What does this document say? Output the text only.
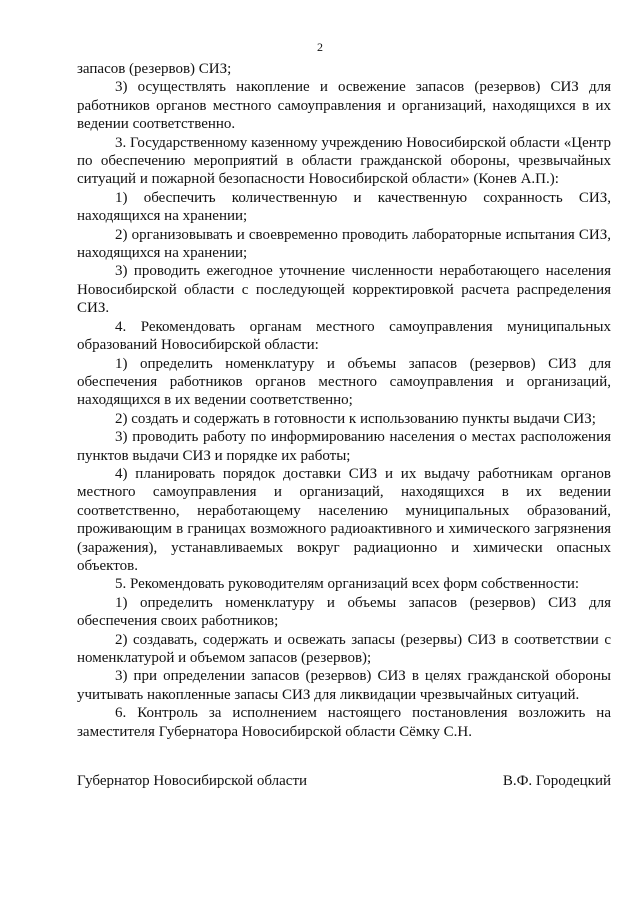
2

запасов (резервов) СИЗ;

3) осуществлять накопление и освежение запасов (резервов) СИЗ для работников органов местного самоуправления и организаций, находящихся в их ведении соответственно.

3. Государственному казенному учреждению Новосибирской области «Центр по обеспечению мероприятий в области гражданской обороны, чрезвычайных ситуаций и пожарной безопасности Новосибирской области» (Конев А.П.):

1) обеспечить количественную и качественную сохранность СИЗ, находящихся на хранении;

2) организовывать и своевременно проводить лабораторные испытания СИЗ, находящихся на хранении;

3) проводить ежегодное уточнение численности неработающего населения Новосибирской области с последующей корректировкой расчета распределения СИЗ.

4. Рекомендовать органам местного самоуправления муниципальных образований Новосибирской области:

1) определить номенклатуру и объемы запасов (резервов) СИЗ для обеспечения работников органов местного самоуправления и организаций, находящихся в их ведении соответственно;

2) создать и содержать в готовности к использованию пункты выдачи СИЗ;

3) проводить работу по информированию населения о местах расположения пунктов выдачи СИЗ и порядке их работы;

4) планировать порядок доставки СИЗ и их выдачу работникам органов местного самоуправления и организаций, находящихся в их ведении соответственно, неработающему населению муниципальных образований, проживающим в границах возможного радиоактивного и химического загрязнения (заражения), устанавливаемых вокруг радиационно и химически опасных объектов.

5. Рекомендовать руководителям организаций всех форм собственности:

1) определить номенклатуру и объемы запасов (резервов) СИЗ для обеспечения своих работников;

2) создавать, содержать и освежать запасы (резервы) СИЗ в соответствии с номенклатурой и объемом запасов (резервов);

3) при определении запасов (резервов) СИЗ в целях гражданской обороны учитывать накопленные запасы СИЗ для ликвидации чрезвычайных ситуаций.

6. Контроль за исполнением настоящего постановления возложить на заместителя Губернатора Новосибирской области Сёмку С.Н.

Губернатор Новосибирской области	В.Ф. Городецкий
